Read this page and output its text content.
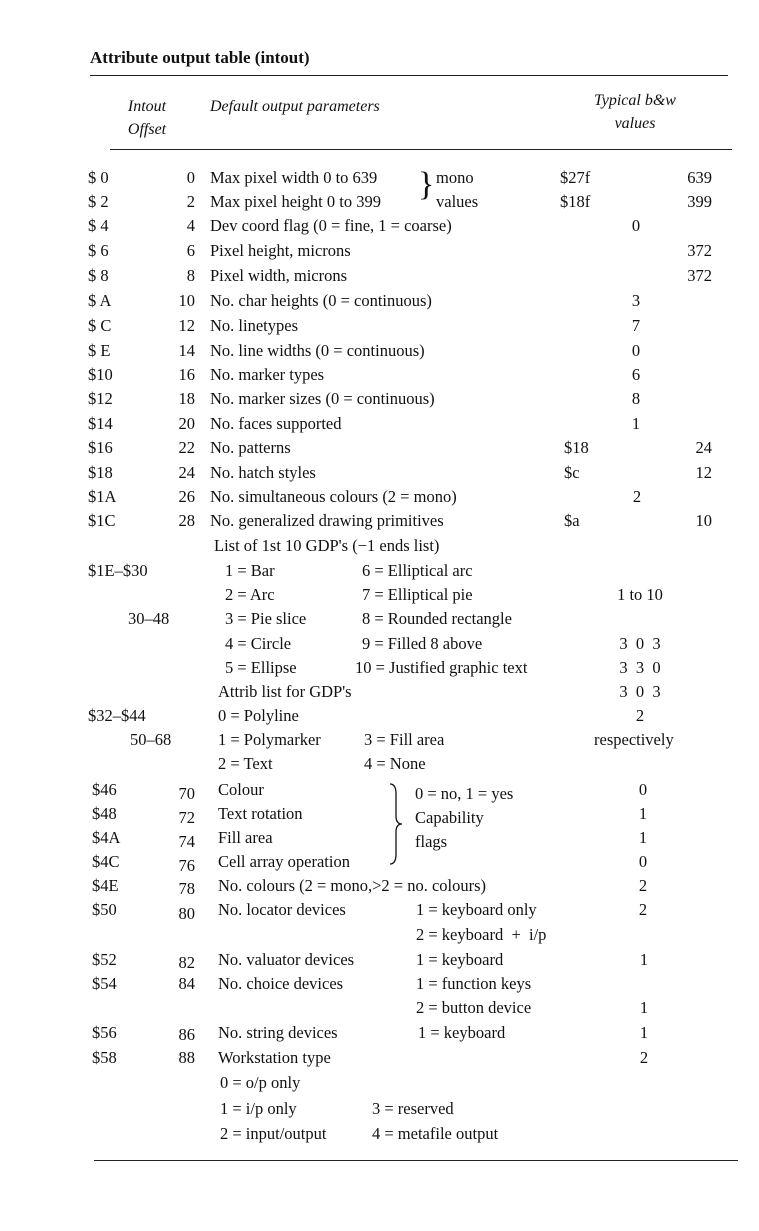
Attribute output table (intout)
Intout
Offset
Default output parameters	Typical b&w
values
$ 0	0 Max pixel width 0 to 639	mono	$27f	639
$ 2	2 Max pixel height 0 to 399	values	$18f	399
}
$ 4	4 Dev coord flag (0 = fine, 1 = coarse)	0
$ 6	6 Pixel height, microns	372
$ 8	8 Pixel width, microns	372
$ A	10 No. char heights (0 = continuous)	3
$ C	12 No. linetypes	7
$ E	14 No. line widths (0 = continuous)	0
$10	16 No. marker types	6
$12	18 No. marker sizes (0 = continuous)	8
$14	20 No. faces supported	1
$16	22 No. patterns	$18	24
$18	24 No. hatch styles	$c	12
$1A	26 No. simultaneous colours (2 = mono)	2
$1C	28 No. generalized drawing primitives	$a	10
List of 1st 10 GDP's (−1 ends list)
$1E–$30	1 = Bar	6 = Elliptical arc
2 = Arc	7 = Elliptical pie	1 to 10
30–48	3 = Pie slice	8 = Rounded rectangle
4 = Circle	9 = Filled 8 above	3  0  3
5 = Ellipse	10 = Justified graphic text	3  3  0
Attrib list for GDP's	3  0  3
$32–$44	0 = Polyline	2
50–68	1 = Polymarker	3 = Fill area	respectively
2 = Text	4 = None
$46	70 Colour	0 = no, 1 = yes	0
$48	72 Text rotation	Capability	1
$4A	74 Fill area	flags	1
$4C	76 Cell array operation	0
$4E	78 No. colours (2 = mono,>2 = no. colours)	2
$50	80 No. locator devices	1 = keyboard only	2
2 = keyboard  +  i/p
$52	82 No. valuator devices	1 = keyboard	1
$54	84 No. choice devices	1 = function keys
2 = button device	1
$56	86 No. string devices	1 = keyboard	1
$58	88 Workstation type	2
0 = o/p only
1 = i/p only	3 = reserved
2 = input/output	4 = metafile output
